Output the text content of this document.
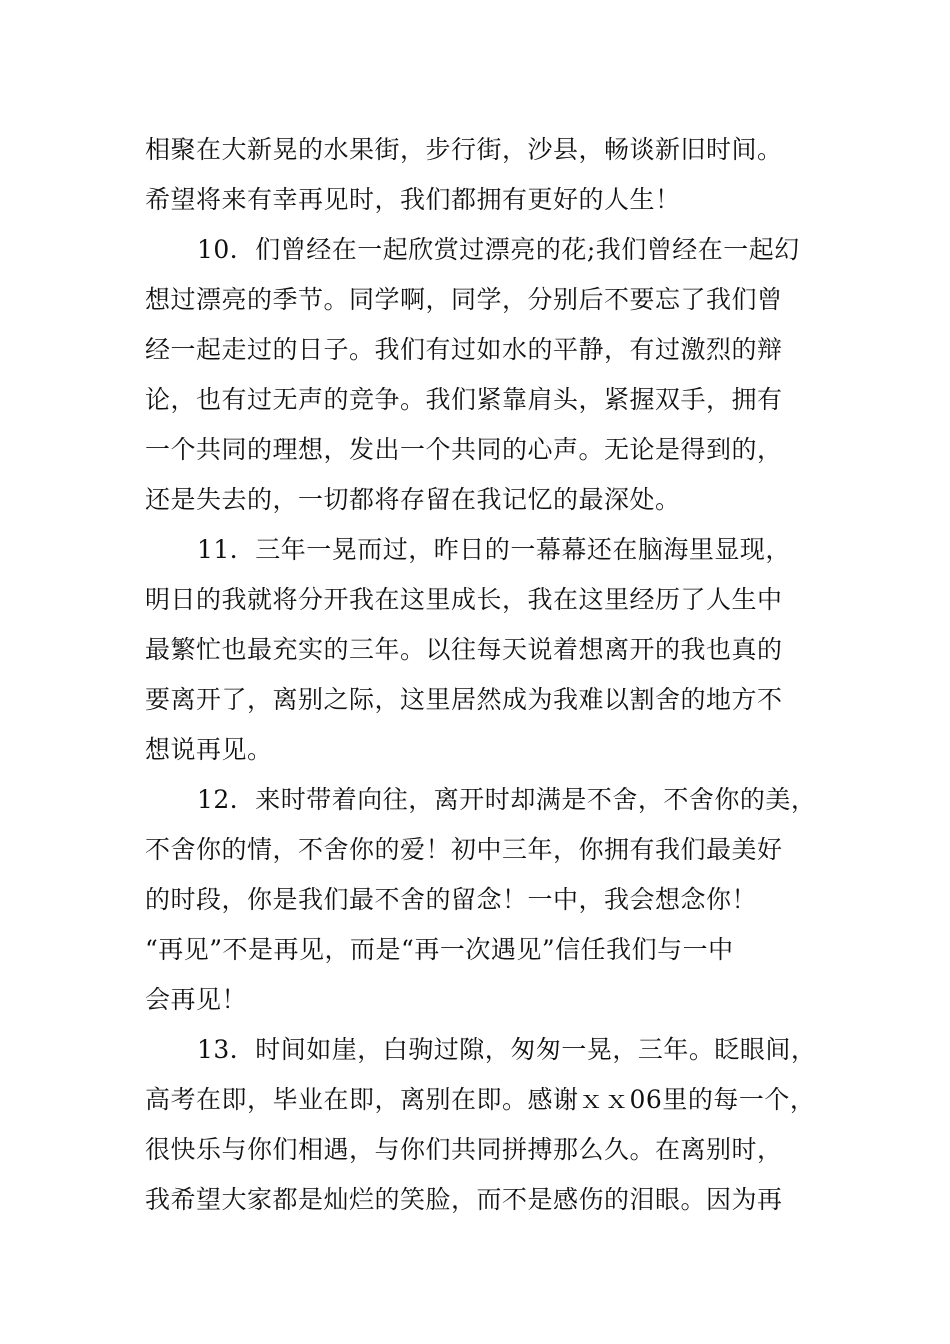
相聚在大新晃的水果街，步行街，沙县，畅谈新旧时间。
希望将来有幸再见时，我们都拥有更好的人生！
10．们曾经在一起欣赏过漂亮的花;我们曾经在一起幻
想过漂亮的季节。同学啊，同学，分别后不要忘了我们曾
经一起走过的日子。我们有过如水的平静，有过激烈的辩
论，也有过无声的竞争。我们紧靠肩头，紧握双手，拥有
一个共同的理想，发出一个共同的心声。无论是得到的，
还是失去的，一切都将存留在我记忆的最深处。
11．三年一晃而过，昨日的一幕幕还在脑海里显现，
明日的我就将分开我在这里成长，我在这里经历了人生中
最繁忙也最充实的三年。以往每天说着想离开的我也真的
要离开了，离别之际，这里居然成为我难以割舍的地方不
想说再见。
12．来时带着向往，离开时却满是不舍，不舍你的美，
不舍你的情，不舍你的爱！初中三年，你拥有我们最美好
的时段，你是我们最不舍的留念！一中，我会想念你！
“再见”不是再见，而是“再一次遇见”信任我们与一中
会再见！
13．时间如崖，白驹过隙，匆匆一晃，三年。眨眼间，
高考在即，毕业在即，离别在即。感谢ｘｘ06里的每一个，
很快乐与你们相遇，与你们共同拼搏那么久。在离别时，
我希望大家都是灿烂的笑脸，而不是感伤的泪眼。因为再
